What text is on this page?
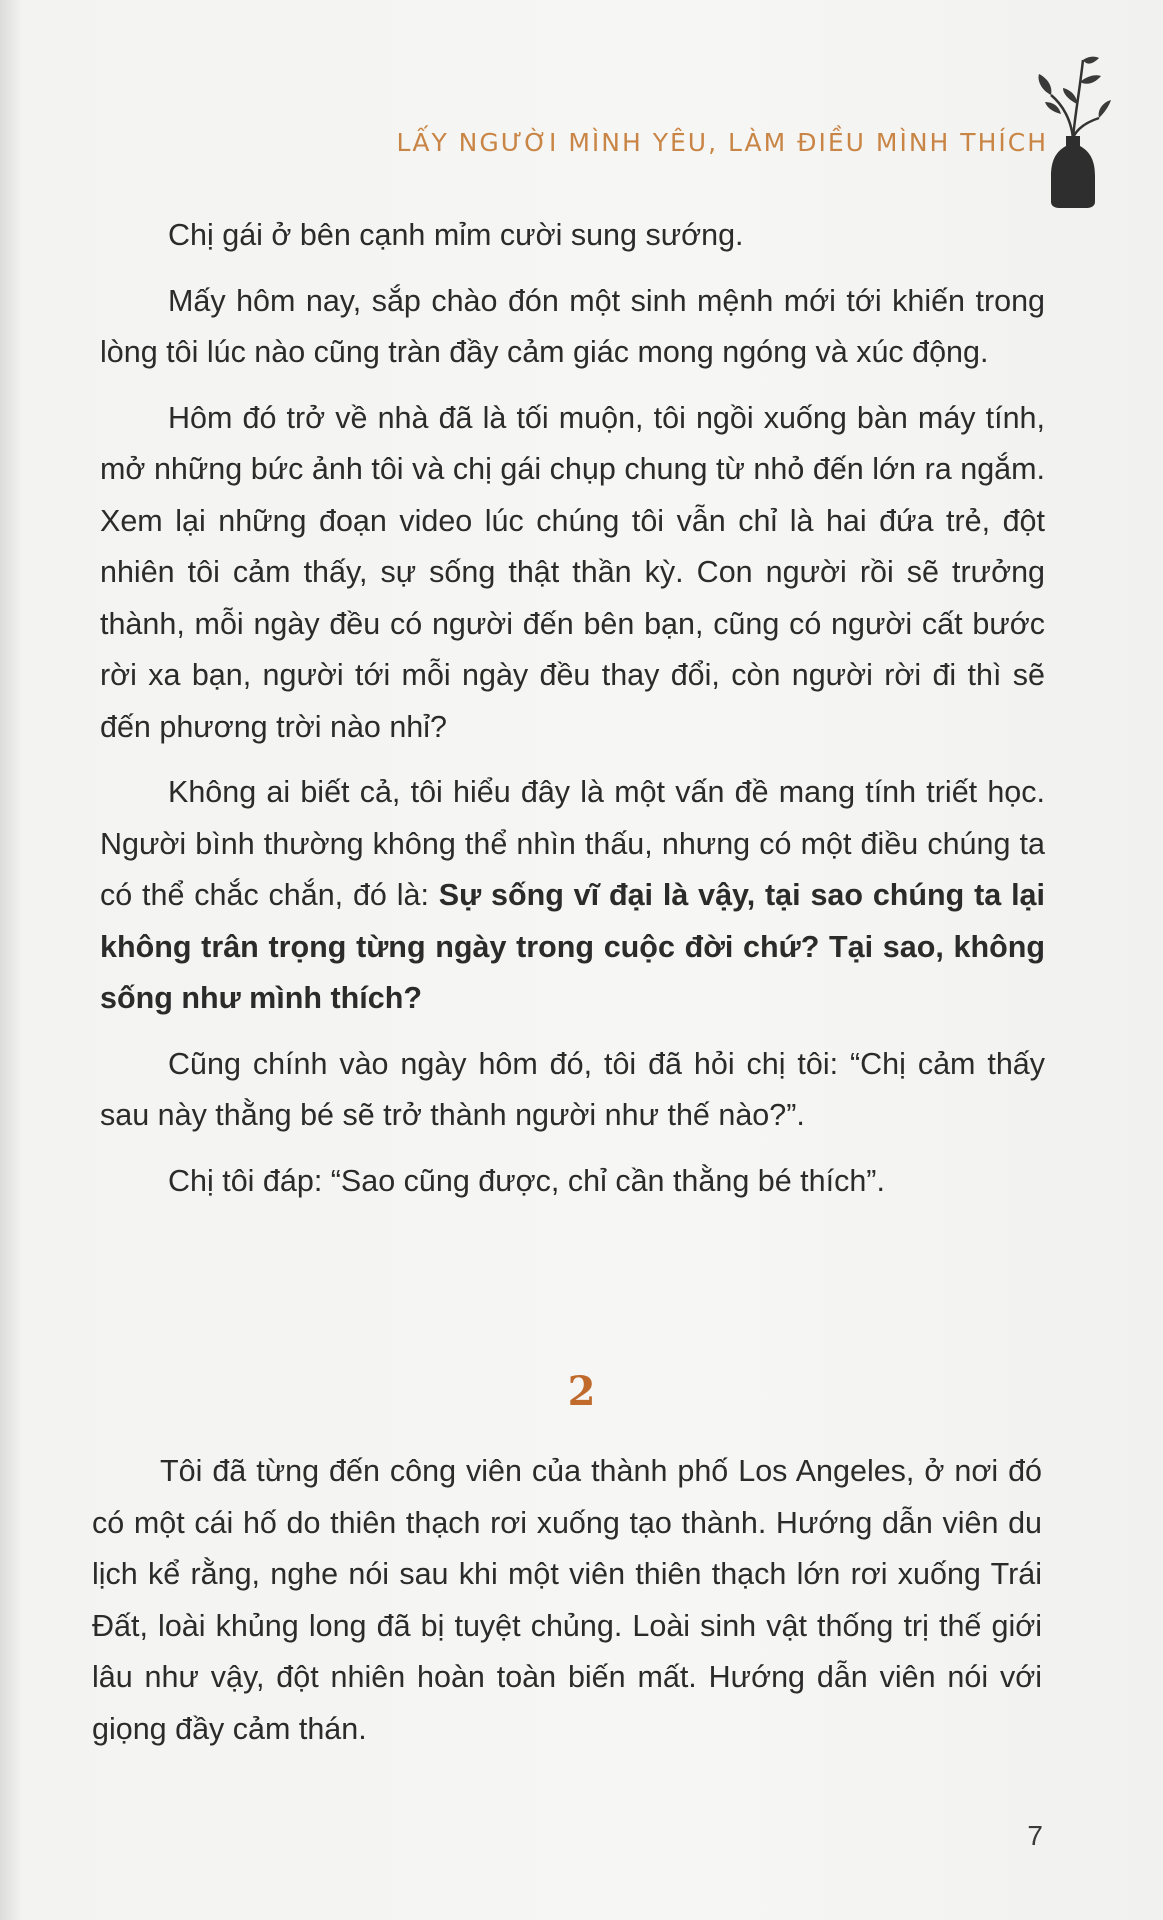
LẤY NGƯỜI MÌNH YÊU, LÀM ĐIỀU MÌNH THÍCH

Chị gái ở bên cạnh mỉm cười sung sướng.

Mấy hôm nay, sắp chào đón một sinh mệnh mới tới khiến trong lòng tôi lúc nào cũng tràn đầy cảm giác mong ngóng và xúc động.

Hôm đó trở về nhà đã là tối muộn, tôi ngồi xuống bàn máy tính, mở những bức ảnh tôi và chị gái chụp chung từ nhỏ đến lớn ra ngắm. Xem lại những đoạn video lúc chúng tôi vẫn chỉ là hai đứa trẻ, đột nhiên tôi cảm thấy, sự sống thật thần kỳ. Con người rồi sẽ trưởng thành, mỗi ngày đều có người đến bên bạn, cũng có người cất bước rời xa bạn, người tới mỗi ngày đều thay đổi, còn người rời đi thì sẽ đến phương trời nào nhỉ?

Không ai biết cả, tôi hiểu đây là một vấn đề mang tính triết học. Người bình thường không thể nhìn thấu, nhưng có một điều chúng ta có thể chắc chắn, đó là: Sự sống vĩ đại là vậy, tại sao chúng ta lại không trân trọng từng ngày trong cuộc đời chứ? Tại sao, không sống như mình thích?

Cũng chính vào ngày hôm đó, tôi đã hỏi chị tôi: “Chị cảm thấy sau này thằng bé sẽ trở thành người như thế nào?”.

Chị tôi đáp: “Sao cũng được, chỉ cần thằng bé thích”.

2

Tôi đã từng đến công viên của thành phố Los Angeles, ở nơi đó có một cái hố do thiên thạch rơi xuống tạo thành. Hướng dẫn viên du lịch kể rằng, nghe nói sau khi một viên thiên thạch lớn rơi xuống Trái Đất, loài khủng long đã bị tuyệt chủng. Loài sinh vật thống trị thế giới lâu như vậy, đột nhiên hoàn toàn biến mất. Hướng dẫn viên nói với giọng đầy cảm thán.

7
